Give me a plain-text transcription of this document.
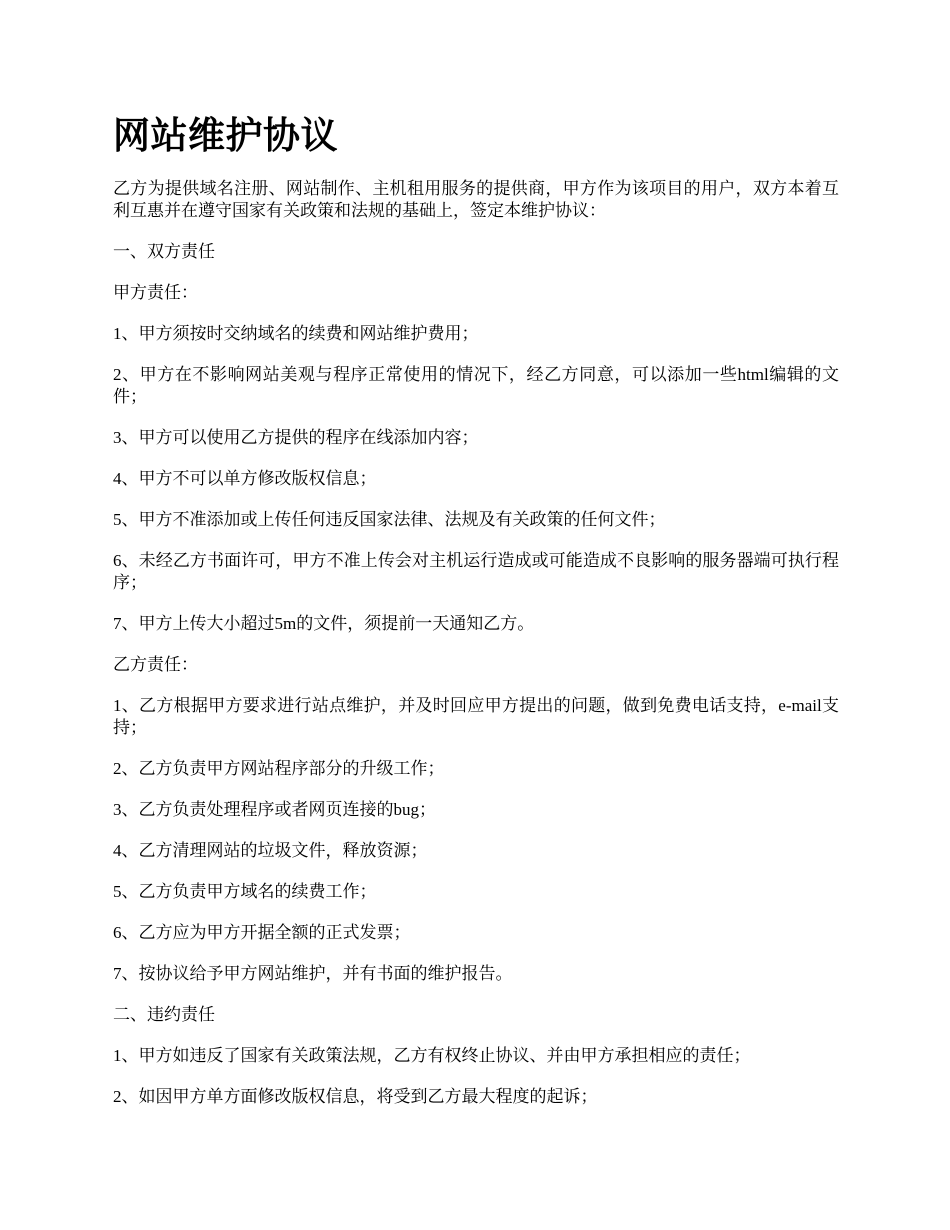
网站维护协议

乙方为提供域名注册、网站制作、主机租用服务的提供商，甲方作为该项目的用户，双方本着互利互惠并在遵守国家有关政策和法规的基础上，签定本维护协议：

一、双方责任

甲方责任：

1、甲方须按时交纳域名的续费和网站维护费用；

2、甲方在不影响网站美观与程序正常使用的情况下，经乙方同意，可以添加一些html编辑的文件；

3、甲方可以使用乙方提供的程序在线添加内容；

4、甲方不可以单方修改版权信息；

5、甲方不准添加或上传任何违反国家法律、法规及有关政策的任何文件；

6、未经乙方书面许可，甲方不准上传会对主机运行造成或可能造成不良影响的服务器端可执行程序；

7、甲方上传大小超过5m的文件，须提前一天通知乙方。

乙方责任：

1、乙方根据甲方要求进行站点维护，并及时回应甲方提出的问题，做到免费电话支持，e-mail支持；

2、乙方负责甲方网站程序部分的升级工作；

3、乙方负责处理程序或者网页连接的bug；

4、乙方清理网站的垃圾文件，释放资源；

5、乙方负责甲方域名的续费工作；

6、乙方应为甲方开据全额的正式发票；

7、按协议给予甲方网站维护，并有书面的维护报告。

二、违约责任

1、甲方如违反了国家有关政策法规，乙方有权终止协议、并由甲方承担相应的责任；

2、如因甲方单方面修改版权信息，将受到乙方最大程度的起诉；
